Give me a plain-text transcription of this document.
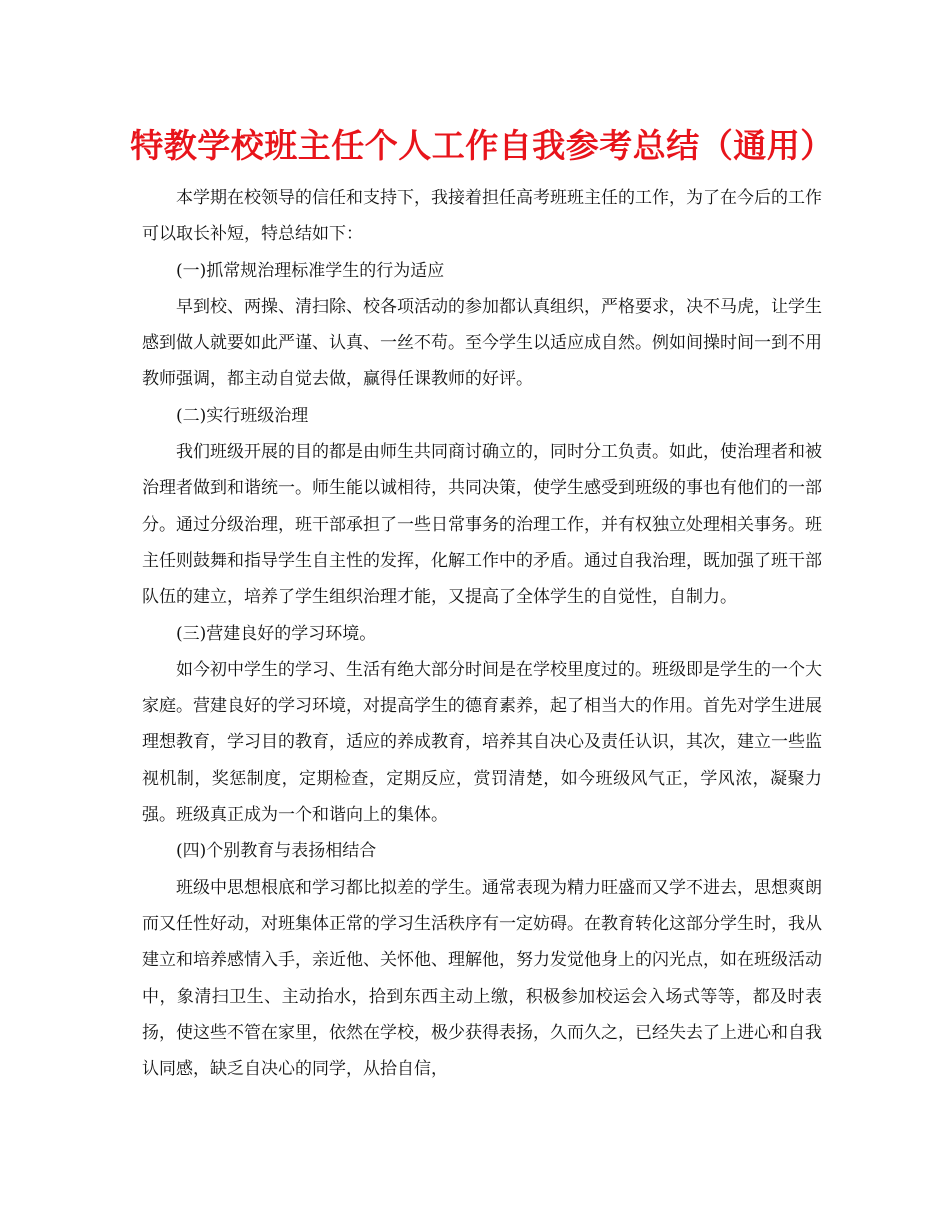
特教学校班主任个人工作自我参考总结（通用）

本学期在校领导的信任和支持下，我接着担任高考班班主任的工作，为了在今后的工作可以取长补短，特总结如下：

(一)抓常规治理标准学生的行为适应

早到校、两操、清扫除、校各项活动的参加都认真组织，严格要求，决不马虎，让学生感到做人就要如此严谨、认真、一丝不苟。至今学生以适应成自然。例如间操时间一到不用教师强调，都主动自觉去做，赢得任课教师的好评。

(二)实行班级治理

我们班级开展的目的都是由师生共同商讨确立的，同时分工负责。如此，使治理者和被治理者做到和谐统一。师生能以诚相待，共同决策，使学生感受到班级的事也有他们的一部分。通过分级治理，班干部承担了一些日常事务的治理工作，并有权独立处理相关事务。班主任则鼓舞和指导学生自主性的发挥，化解工作中的矛盾。通过自我治理，既加强了班干部队伍的建立，培养了学生组织治理才能，又提高了全体学生的自觉性，自制力。

(三)营建良好的学习环境。

如今初中学生的学习、生活有绝大部分时间是在学校里度过的。班级即是学生的一个大家庭。营建良好的学习环境，对提高学生的德育素养，起了相当大的作用。首先对学生进展理想教育，学习目的教育，适应的养成教育，培养其自决心及责任认识，其次，建立一些监视机制，奖惩制度，定期检查，定期反应，赏罚清楚，如今班级风气正，学风浓，凝聚力强。班级真正成为一个和谐向上的集体。

(四)个别教育与表扬相结合

班级中思想根底和学习都比拟差的学生。通常表现为精力旺盛而又学不进去，思想爽朗而又任性好动，对班集体正常的学习生活秩序有一定妨碍。在教育转化这部分学生时，我从建立和培养感情入手，亲近他、关怀他、理解他，努力发觉他身上的闪光点，如在班级活动中，象清扫卫生、主动抬水，拾到东西主动上缴，积极参加校运会入场式等等，都及时表扬，使这些不管在家里，依然在学校，极少获得表扬，久而久之，已经失去了上进心和自我认同感，缺乏自决心的同学，从拾自信，
